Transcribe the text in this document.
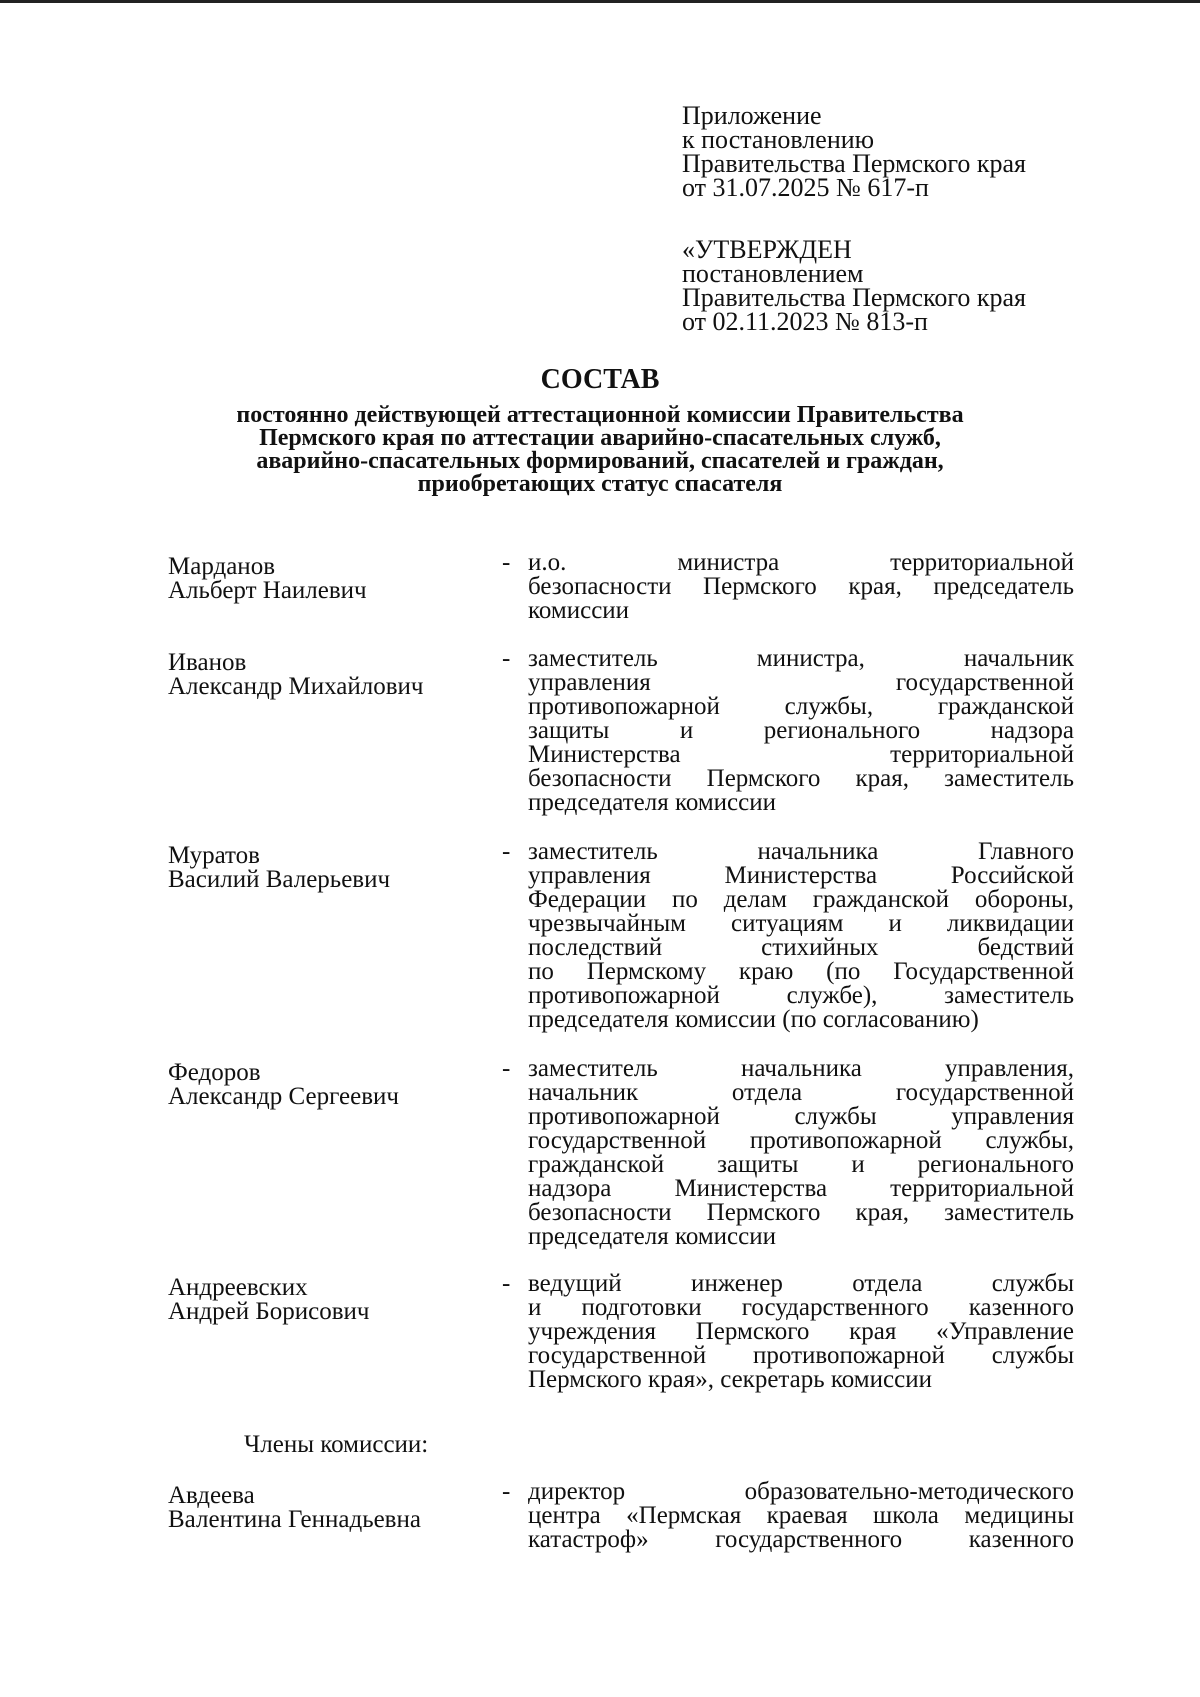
Приложение
к постановлению
Правительства Пермского края
от 31.07.2025 № 617-п
«УТВЕРЖДЕН
постановлением
Правительства Пермского края
от 02.11.2023 № 813-п
СОСТАВ
постоянно действующей аттестационной комиссии Правительства
Пермского края по аттестации аварийно-спасательных служб,
аварийно-спасательных формирований, спасателей и граждан,
приобретающих статус спасателя
Марданов
Альберт Наилевич
- и.о. министра территориальной
безопасности Пермского края, председатель
комиссии
Иванов
Александр Михайлович
- заместитель министра, начальник
управления государственной
противопожарной службы, гражданской
защиты и регионального надзора
Министерства территориальной
безопасности Пермского края, заместитель
председателя комиссии
Муратов
Василий Валерьевич
- заместитель начальника Главного
управления Министерства Российской
Федерации по делам гражданской обороны,
чрезвычайным ситуациям и ликвидации
последствий стихийных бедствий
по Пермскому краю (по Государственной
противопожарной службе), заместитель
председателя комиссии (по согласованию)
Федоров
Александр Сергеевич
- заместитель начальника управления,
начальник отдела государственной
противопожарной службы управления
государственной противопожарной службы,
гражданской защиты и регионального
надзора Министерства территориальной
безопасности Пермского края, заместитель
председателя комиссии
Андреевских
Андрей Борисович
- ведущий инженер отдела службы
и подготовки государственного казенного
учреждения Пермского края «Управление
государственной противопожарной службы
Пермского края», секретарь комиссии
Члены комиссии:
Авдеева
Валентина Геннадьевна
- директор образовательно-методического
центра «Пермская краевая школа медицины
катастроф» государственного казенного
